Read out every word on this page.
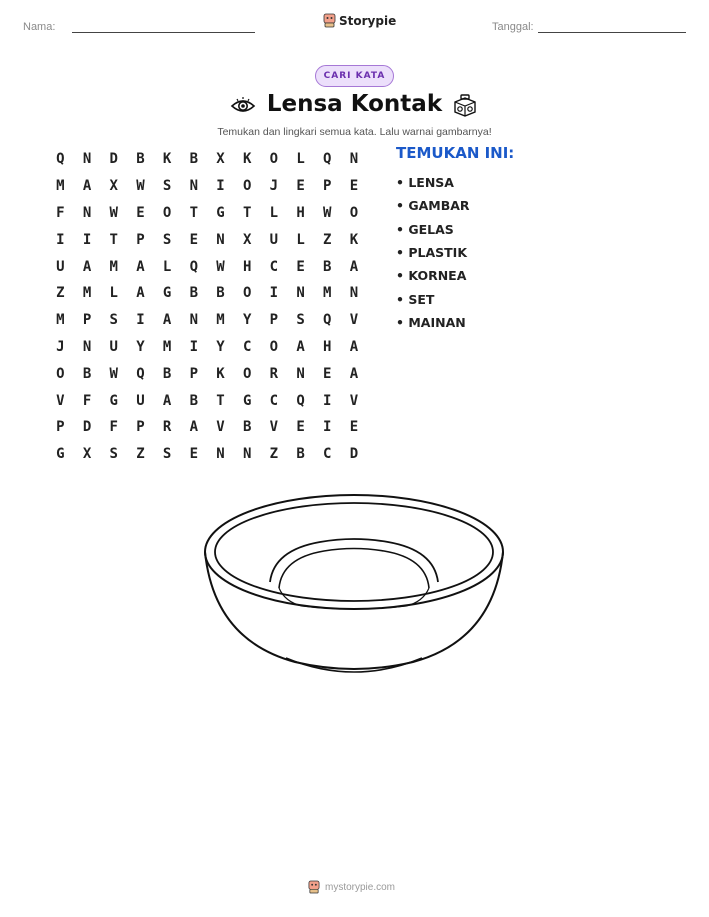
Nama:	Storypie	Tanggal:
CARI KATA
Lensa Kontak
Temukan dan lingkari semua kata. Lalu warnai gambarnya!
Q	N	D	B	K	B	X	K	O	L	Q	N
M	A	X	W	S	N	I	O	J	E	P	E
F	N	W	E	O	T	G	T	L	H	W	O
I	I	T	P	S	E	N	X	U	L	Z	K
U	A	M	A	L	Q	W	H	C	E	B	A
Z	M	L	A	G	B	B	O	I	N	M	N
M	P	S	I	A	N	M	Y	P	S	Q	V
J	N	U	Y	M	I	Y	C	O	A	H	A
O	B	W	Q	B	P	K	O	R	N	E	A
V	F	G	U	A	B	T	G	C	Q	I	V
P	D	F	P	R	A	V	B	V	E	I	E
G	X	S	Z	S	E	N	N	Z	B	C	D
TEMUKAN INI:
• LENSA
• GAMBAR
• GELAS
• PLASTIK
• KORNEA
• SET
• MAINAN
mystorypie.com
